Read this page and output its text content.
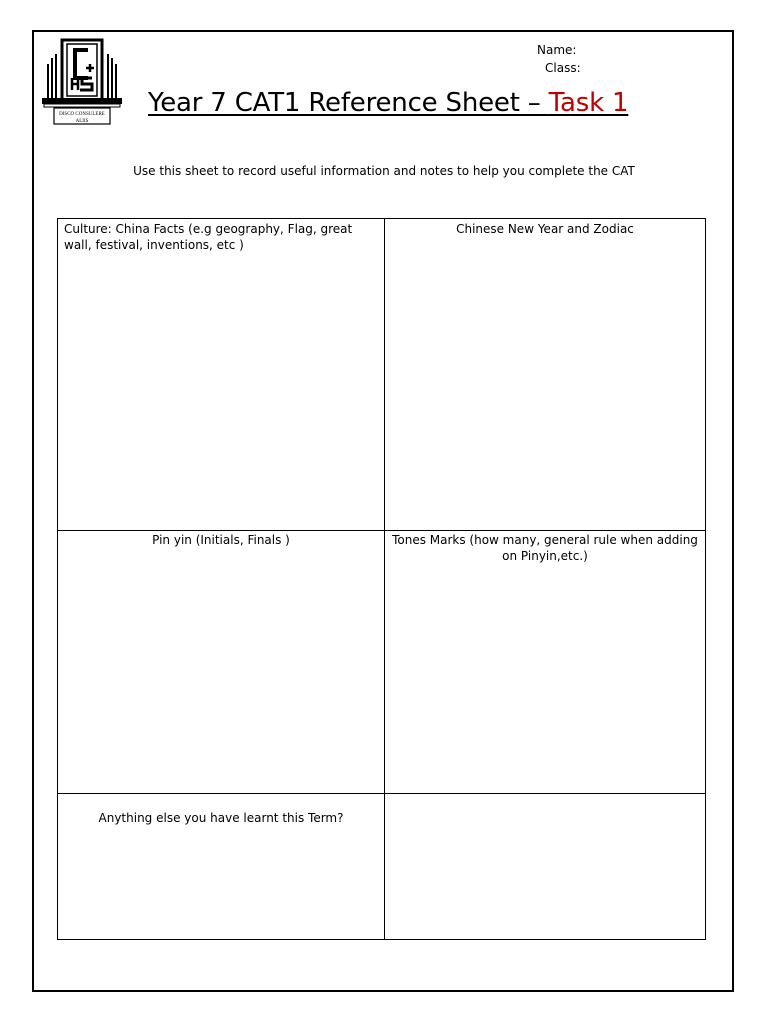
DISCO CONSULERE
ALIIS
Name:
Class:
Year 7 CAT1 Reference Sheet – Task 1
Use this sheet to record useful information and notes to help you complete the CAT
Culture: China Facts (e.g geography, Flag, great wall, festival, inventions, etc )
Chinese New Year and Zodiac
Pin yin (Initials, Finals )	Tones Marks (how many, general rule when adding on Pinyin,etc.)
Anything else you have learnt this Term?
